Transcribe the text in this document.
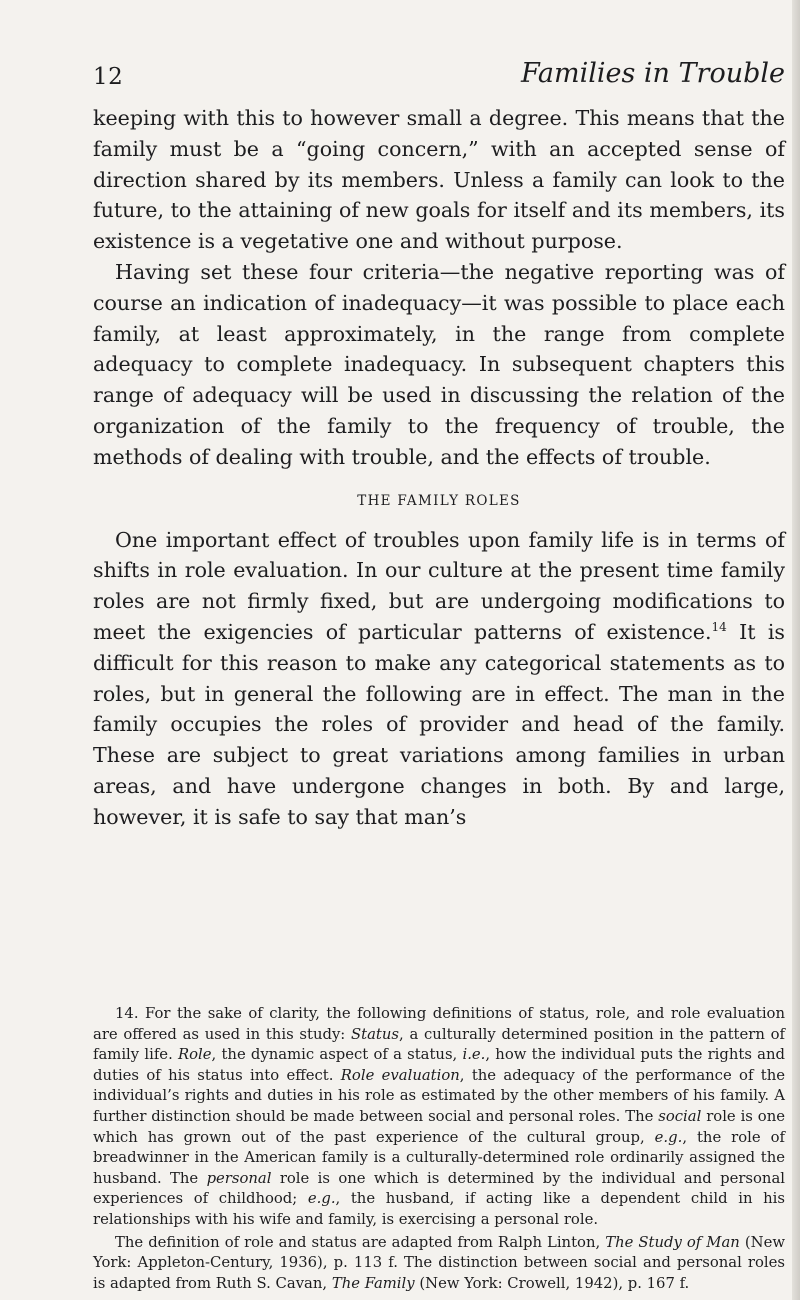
12	Families in Trouble

keeping with this to however small a degree. This means that the family must be a “going concern,” with an accepted sense of direction shared by its members. Unless a family can look to the future, to the attaining of new goals for itself and its members, its existence is a vegetative one and without purpose.

Having set these four criteria—the negative reporting was of course an indication of inadequacy—it was possible to place each family, at least approximately, in the range from complete adequacy to complete inadequacy. In subsequent chapters this range of adequacy will be used in discussing the relation of the organization of the family to the frequency of trouble, the methods of dealing with trouble, and the effects of trouble.

THE FAMILY ROLES

One important effect of troubles upon family life is in terms of shifts in role evaluation. In our culture at the present time family roles are not firmly fixed, but are undergoing modifications to meet the exigencies of particular patterns of existence.$^{14}$ It is difficult for this reason to make any categorical statements as to roles, but in general the following are in effect. The man in the family occupies the roles of provider and head of the family. These are subject to great variations among families in urban areas, and have undergone changes in both. By and large, however, it is safe to say that man’s

14. For the sake of clarity, the following definitions of status, role, and role evaluation are offered as used in this study: Status, a culturally determined position in the pattern of family life. Role, the dynamic aspect of a status, i.e., how the individual puts the rights and duties of his status into effect. Role evaluation, the adequacy of the performance of the individual’s rights and duties in his role as estimated by the other members of his family. A further distinction should be made between social and personal roles. The social role is one which has grown out of the past experience of the cultural group, e.g., the role of breadwinner in the American family is a culturally-determined role ordinarily assigned the husband. The personal role is one which is determined by the individual and personal experiences of childhood; e.g., the husband, if acting like a dependent child in his relationships with his wife and family, is exercising a personal role.

The definition of role and status are adapted from Ralph Linton, The Study of Man (New York: Appleton-Century, 1936), p. 113 f. The distinction between social and personal roles is adapted from Ruth S. Cavan, The Family (New York: Crowell, 1942), p. 167 f.
